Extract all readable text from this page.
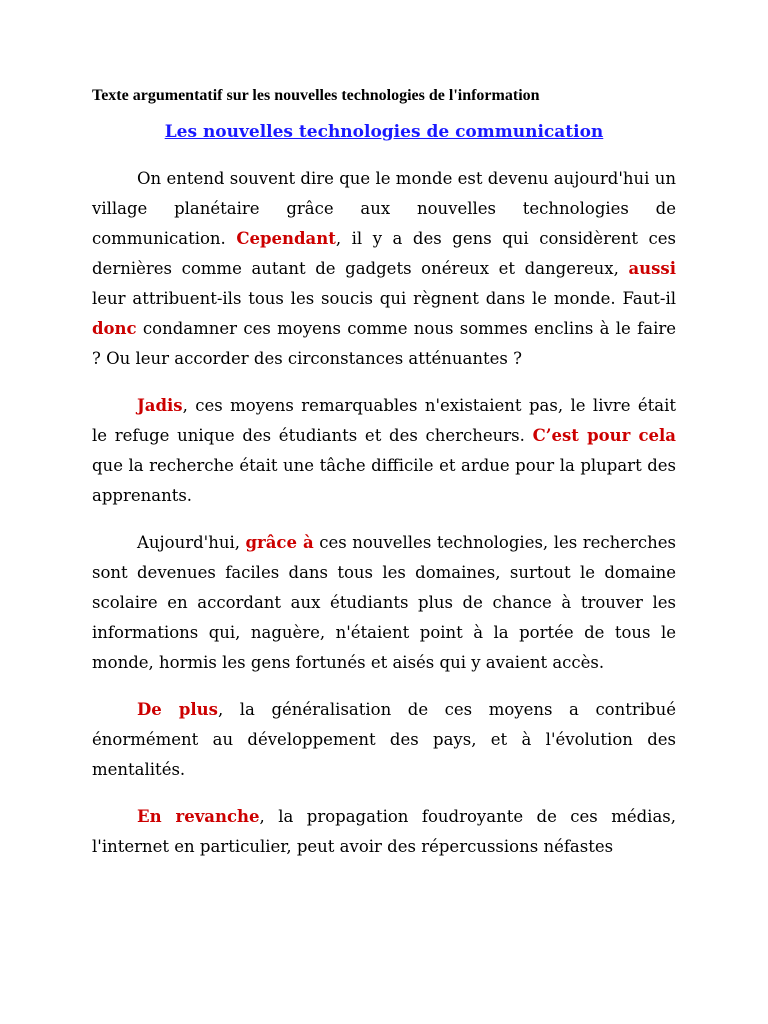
Texte argumentatif sur les nouvelles technologies de l'information

Les nouvelles technologies de communication

On entend souvent dire que le monde est devenu aujourd'hui un village planétaire grâce aux nouvelles technologies de communication. Cependant, il y a des gens qui considèrent ces dernières comme autant de gadgets onéreux et dangereux, aussi leur attribuent-ils tous les soucis qui règnent dans le monde. Faut-il donc condamner ces moyens comme nous sommes enclins à le faire ? Ou leur accorder des circonstances atténuantes ?

Jadis, ces moyens remarquables n'existaient pas, le livre était le refuge unique des étudiants et des chercheurs. C’est pour cela que la recherche était une tâche difficile et ardue pour la plupart des apprenants.

Aujourd'hui, grâce à ces nouvelles technologies, les recherches sont devenues faciles dans tous les domaines, surtout le domaine scolaire en accordant aux étudiants plus de chance à trouver les informations qui, naguère, n'étaient point à la portée de tous le monde, hormis les gens fortunés et aisés qui y avaient accès.

De plus, la généralisation de ces moyens a contribué énormément au développement des pays, et à l'évolution des mentalités.

En revanche, la propagation foudroyante de ces médias, l'internet en particulier, peut avoir des répercussions néfastes
